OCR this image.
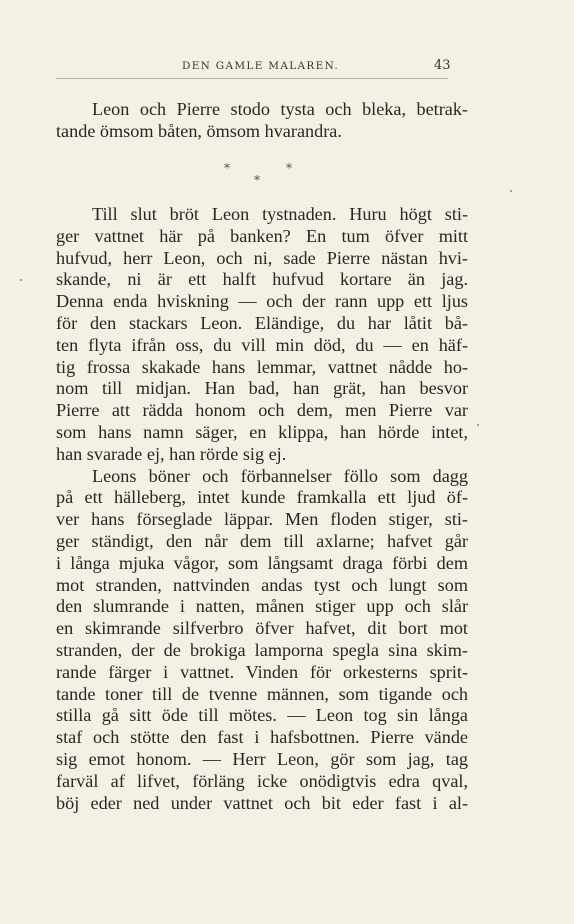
DEN GAMLE MALAREN.	43
Leon och Pierre stodo tysta och bleka, betrak-
tande ömsom båten, ömsom hvarandra.
*	*
*
Till slut bröt Leon tystnaden. Huru högt sti-
ger vattnet här på banken? En tum öfver mitt
hufvud, herr Leon, och ni, sade Pierre nästan hvi-
skande, ni är ett halft hufvud kortare än jag.
Denna enda hviskning — och der rann upp ett ljus
för den stackars Leon. Eländige, du har låtit bå-
ten flyta ifrån oss, du vill min död, du — en häf-
tig frossa skakade hans lemmar, vattnet nådde ho-
nom till midjan. Han bad, han grät, han besvor
Pierre att rädda honom och dem, men Pierre var
som hans namn säger, en klippa, han hörde intet,
han svarade ej, han rörde sig ej.
Leons böner och förbannelser föllo som dagg
på ett hälleberg, intet kunde framkalla ett ljud öf-
ver hans förseglade läppar. Men floden stiger, sti-
ger ständigt, den når dem till axlarne; hafvet går
i långa mjuka vågor, som långsamt draga förbi dem
mot stranden, nattvinden andas tyst och lungt som
den slumrande i natten, månen stiger upp och slår
en skimrande silfverbro öfver hafvet, dit bort mot
stranden, der de brokiga lamporna spegla sina skim-
rande färger i vattnet. Vinden för orkesterns sprit-
tande toner till de tvenne männen, som tigande och
stilla gå sitt öde till mötes. — Leon tog sin långa
staf och stötte den fast i hafsbottnen. Pierre vände
sig emot honom. — Herr Leon, gör som jag, tag
farväl af lifvet, förläng icke onödigtvis edra qval,
böj eder ned under vattnet och bit eder fast i al-
